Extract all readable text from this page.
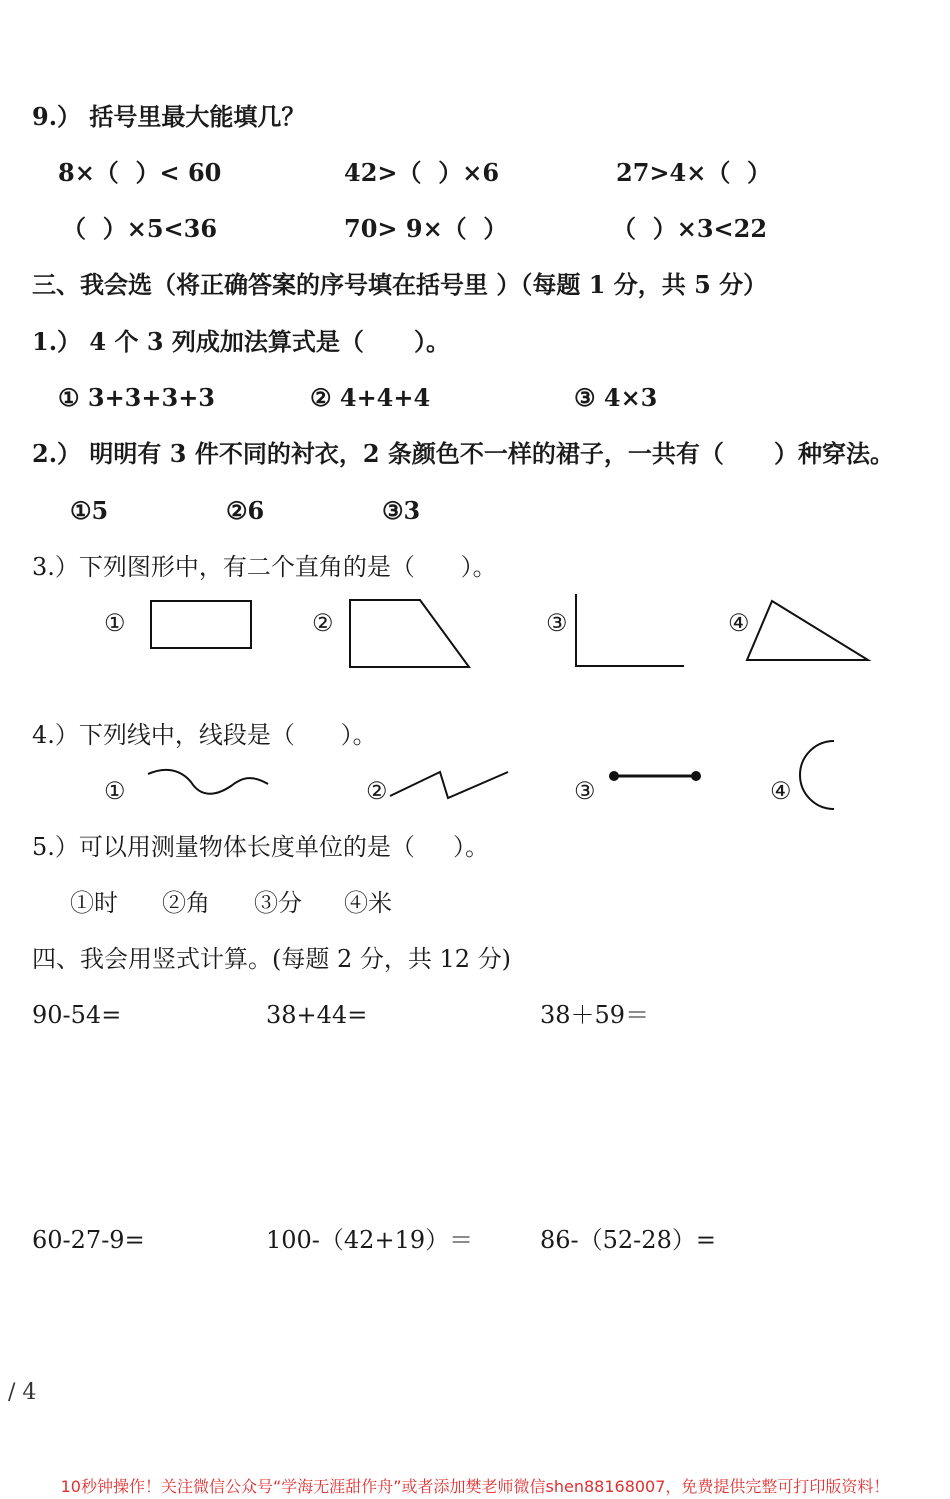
9.） 括号里最大能填几？
8×（  ）< 60	42>（  ）×6	27>4×（  ）
（  ）×5<36	70> 9×（  ）	（  ）×3<22
三、我会选（将正确答案的序号填在括号里 ）（每题 1 分，共 5 分）
1.） 4 个 3 列成加法算式是（      ）。
① 3+3+3+3	② 4+4+4	③ 4×3
2.） 明明有 3 件不同的衬衣，2 条颜色不一样的裙子，一共有（      ）种穿法。
①5	②6	③3
3.）下列图形中，有二个直角的是（      ）。
①	②	③	④
4.）下列线中，线段是（      ）。
①	②	③	④
5.）可以用测量物体长度单位的是（     ）。
①时 ②角 ③分 ④米
四、我会用竖式计算。(每题 2 分，共 12 分)
90-54=	38+44=	38＋59＝
60-27-9=	100-（42+19）＝	86-（52-28）=
/ 4
10秒钟操作！关注微信公众号“学海无涯甜作舟”或者添加樊老师微信shen88168007，免费提供完整可打印版资料！
